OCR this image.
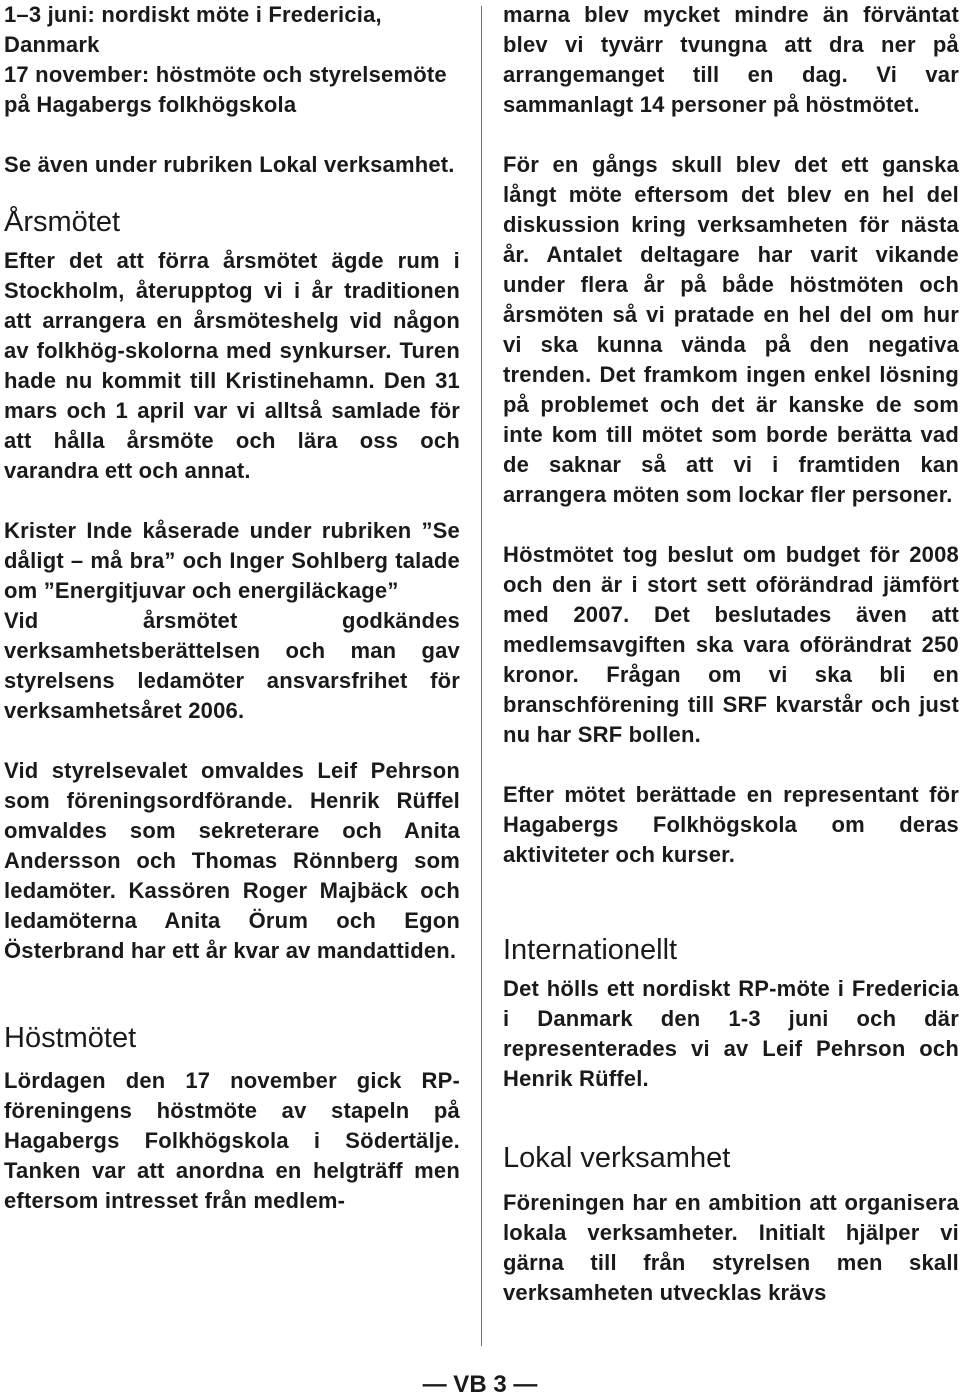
1–3 juni: nordiskt möte i Fredericia, Danmark

17 november: höstmöte och styrelsemöte på Hagabergs folkhögskola

Se även under rubriken Lokal verksamhet.

Årsmötet

Efter det att förra årsmötet ägde rum i Stockholm, återupptog vi i år traditionen att arrangera en årsmöteshelg vid någon av folkhög-skolorna med synkurser. Turen hade nu kommit till Kristinehamn. Den 31 mars och 1 april var vi alltså samlade för att hålla årsmöte och lära oss och varandra ett och annat.

Krister Inde kåserade under rubriken ”Se dåligt – må bra” och Inger Sohlberg talade om ”Energitjuvar och energiläckage”

Vid årsmötet godkändes verksamhetsberättelsen och man gav styrelsens ledamöter ansvarsfrihet för verksamhetsåret 2006.

Vid styrelsevalet omvaldes Leif Pehrson som föreningsordförande. Henrik Rüffel omvaldes som sekreterare och Anita Andersson och Thomas Rönnberg som ledamöter. Kassören Roger Majbäck och ledamöterna Anita Örum och Egon Österbrand har ett år kvar av mandattiden.

Höstmötet

Lördagen den 17 november gick RP-föreningens höstmöte av stapeln på Hagabergs Folkhögskola i Södertälje. Tanken var att anordna en helgträff men eftersom intresset från medlem-

marna blev mycket mindre än förväntat blev vi tyvärr tvungna att dra ner på arrangemanget till en dag. Vi var sammanlagt 14 personer på höstmötet.

För en gångs skull blev det ett ganska långt möte eftersom det blev en hel del diskussion kring verksamheten för nästa år. Antalet deltagare har varit vikande under flera år på både höstmöten och årsmöten så vi pratade en hel del om hur vi ska kunna vända på den negativa trenden. Det framkom ingen enkel lösning på problemet och det är kanske de som inte kom till mötet som borde berätta vad de saknar så att vi i framtiden kan arrangera möten som lockar fler personer.

Höstmötet tog beslut om budget för 2008 och den är i stort sett oförändrad jämfört med 2007. Det beslutades även att medlemsavgiften ska vara oförändrat 250 kronor. Frågan om vi ska bli en branschförening till SRF kvarstår och just nu har SRF bollen.

Efter mötet berättade en representant för Hagabergs Folkhögskola om deras aktiviteter och kurser.

Internationellt

Det hölls ett nordiskt RP-möte i Fredericia i Danmark den 1-3 juni och där representerades vi av Leif Pehrson och Henrik Rüffel.

Lokal verksamhet

Föreningen har en ambition att organisera lokala verksamheter. Initialt hjälper vi gärna till från styrelsen men skall verksamheten utvecklas krävs

— VB 3 —
